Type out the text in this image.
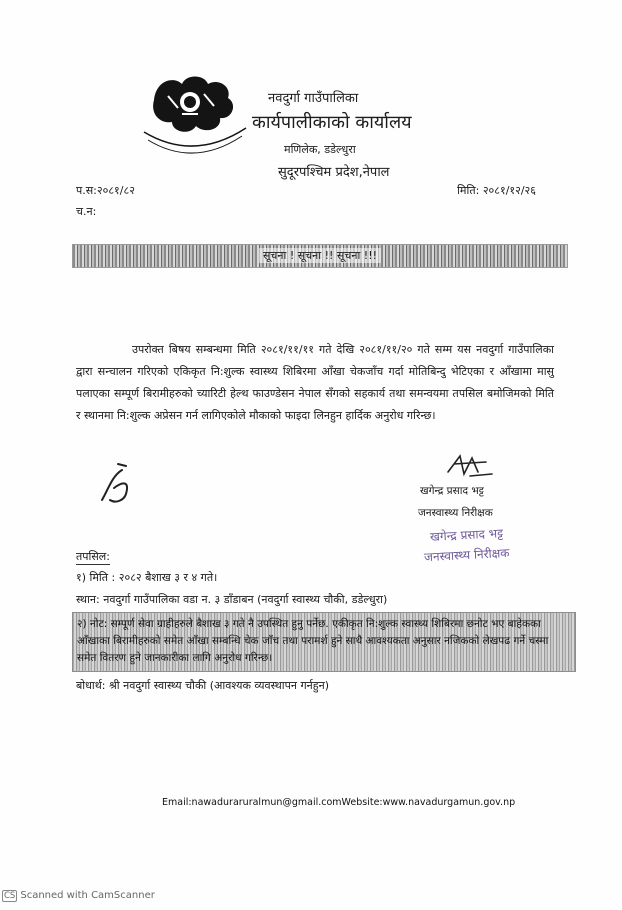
नवदुर्गा गाउँपालिका
कार्यपालीकाको कार्यालय
मणिलेक, डडेल्धुरा
सुदूरपश्चिम प्रदेश,नेपाल
प.स:२०८१/८२
च.न:
मिति: २०८१/१२/२६
सूचना ! सूचना !! सूचना !!!

उपरोक्त बिषय सम्बन्धमा मिति २०८१/११/११ गते देखि २०८१/११/२० गते सम्म यस नवदुर्गा गाउँपालिका द्वारा सन्चालन गरिएको एकिकृत नि:शुल्क स्वास्थ्य शिबिरमा आँखा चेकजाँच गर्दा मोतिबिन्दु भेटिएका र आँखामा मासु पलाएका सम्पूर्ण बिरामीहरुको च्यारिटी हेल्थ फाउण्डेसन नेपाल सँगको सहकार्य तथा समन्वयमा तपसिल बमोजिमको मिति र स्थानमा नि:शुल्क अप्रेसन गर्न लागिएकोले मौकाको फाइदा लिनहुन हार्दिक अनुरोध गरिन्छ।

खगेन्द्र प्रसाद भट्ट
जनस्वास्थ्य निरीक्षक
खगेन्द्र प्रसाद भट्ट
जनस्वास्थ्य निरीक्षक
तपसिल:
१) मिति : २०८२ बैशाख ३ र ४ गते।
स्थान: नवदुर्गा गाउँपालिका वडा न. ३ डाँडाबन (नवदुर्गा स्वास्थ्य चौकी, डडेल्धुरा)

२) नोट: सम्पूर्ण सेवा ग्राहीहरुले बैशाख ३ गते नै उपस्थित हुनु पर्नेछ. एकीकृत नि:शुल्क स्वास्थ्य शिबिरमा छनोट भए बाहेकका आँखाका बिरामीहरुको समेत आँखा सम्बन्धि चेक जाँच तथा परामर्श हुने साथै आवश्यकता अनुसार नजिकको लेखपढ गर्ने चस्मा समेत वितरण हुने जानकारीका लागि अनुरोध गरिन्छ।

बोधार्थ: श्री नवदुर्गा स्वास्थ्य चौकी (आवश्यक व्यवस्थापन गर्नहुन)
Email:nawaduraruralmun@gmail.comWebsite:www.navadurgamun.gov.np
CS Scanned with CamScanner
